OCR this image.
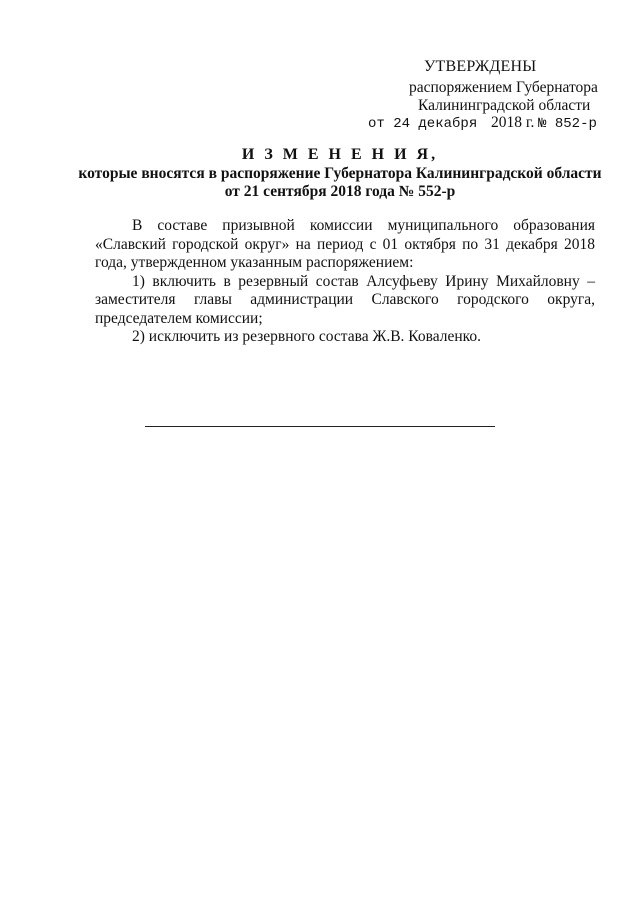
УТВЕРЖДЕНЫ
распоряжением Губернатора
Калининградской области
от 24 декабря 2018 г. № 852-р
И З М Е Н Е Н И Я,
которые вносятся в распоряжение Губернатора Калининградской области
от 21 сентября 2018 года № 552-р

В составе призывной комиссии муниципального образования «Славский городской округ» на период с 01 октября по 31 декабря 2018 года, утвержденном указанным распоряжением:

1) включить в резервный состав Алсуфьеву Ирину Михайловну – заместителя главы администрации Славского городского округа, председателем комиссии;

2) исключить из резервного состава Ж.В. Коваленко.
